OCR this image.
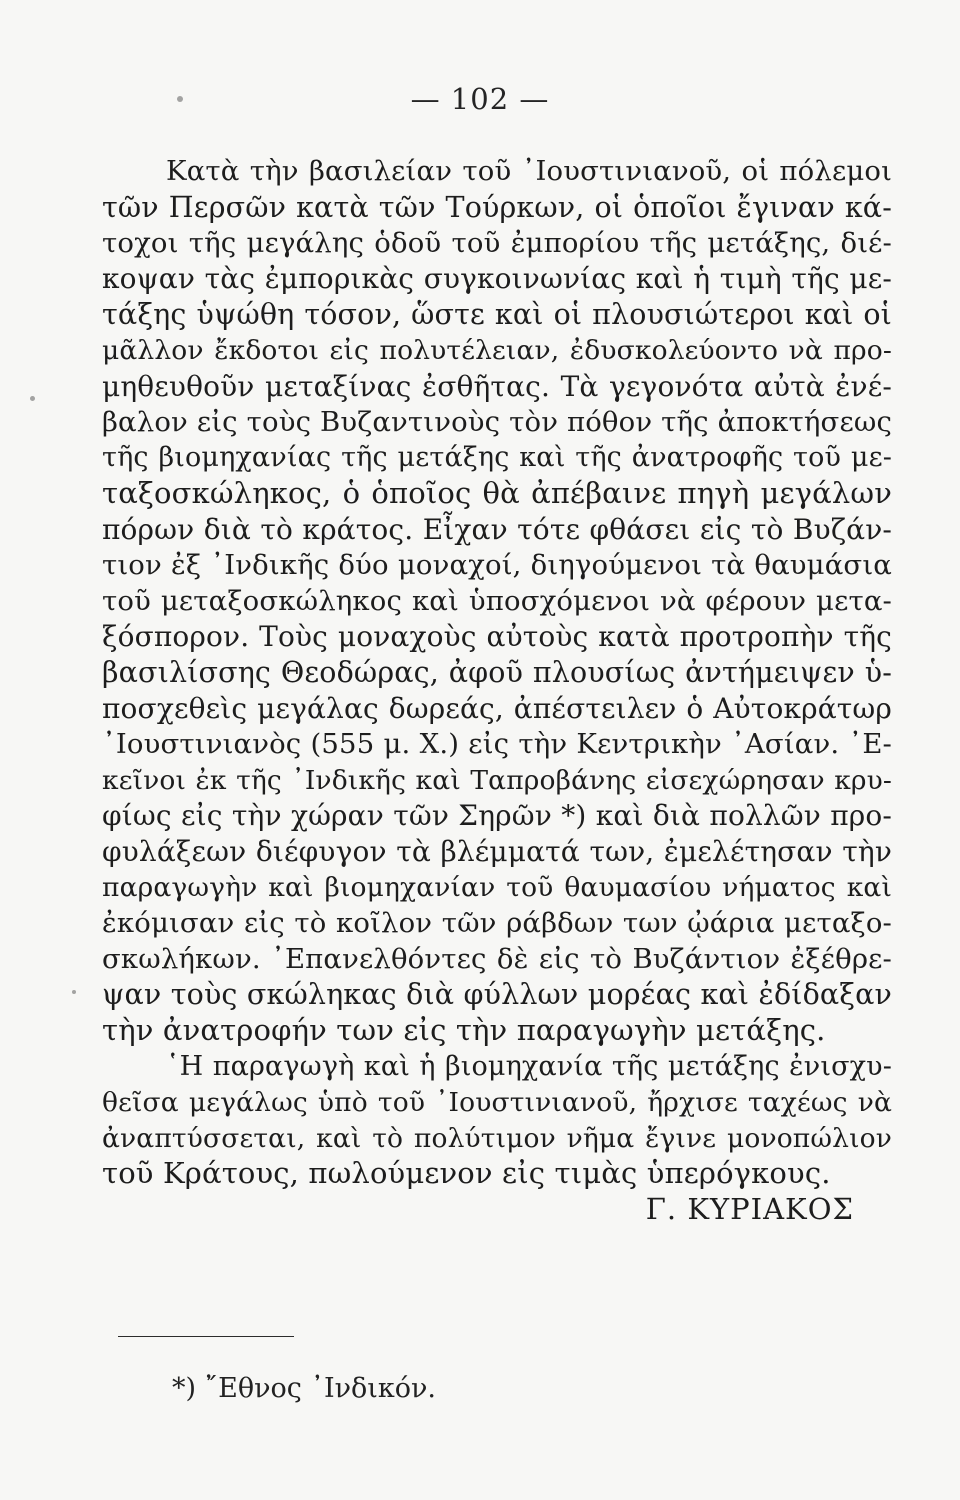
— 102 —
Κατὰ τὴν βασιλείαν τοῦ ᾿Ιουστινιανοῦ, οἱ πόλεμοι
τῶν Περσῶν κατὰ τῶν Τούρκων, οἱ ὁποῖοι ἔγιναν κά-
τοχοι τῆς μεγάλης ὁδοῦ τοῦ ἐμπορίου τῆς μετάξης, διέ-
κοψαν τὰς ἐμπορικὰς συγκοινωνίας καὶ ἡ τιμὴ τῆς με-
τάξης ὑψώθη τόσον, ὥστε καὶ οἱ πλουσιώτεροι καὶ οἱ
μᾶλλον ἔκδοτοι εἰς πολυτέλειαν, ἐδυσκολεύοντο νὰ προ-
μηθευθοῦν μεταξίνας ἐσθῆτας. Τὰ γεγονότα αὐτὰ ἐνέ-
βαλον εἰς τοὺς Βυζαντινοὺς τὸν πόθον τῆς ἀποκτήσεως
τῆς βιομηχανίας τῆς μετάξης καὶ τῆς ἀνατροφῆς τοῦ με-
ταξοσκώληκος, ὁ ὁποῖος θὰ ἀπέβαινε πηγὴ μεγάλων
πόρων διὰ τὸ κράτος. Εἶχαν τότε φθάσει εἰς τὸ Βυζάν-
τιον ἐξ ᾿Ινδικῆς δύο μοναχοί, διηγούμενοι τὰ θαυμάσια
τοῦ μεταξοσκώληκος καὶ ὑποσχόμενοι νὰ φέρουν μετα-
ξόσπορον. Τοὺς μοναχοὺς αὐτοὺς κατὰ προτροπὴν τῆς
βασιλίσσης Θεοδώρας, ἀφοῦ πλουσίως ἀντήμειψεν ὑ-
ποσχεθεὶς μεγάλας δωρεάς, ἀπέστειλεν ὁ Αὐτοκράτωρ
᾿Ιουστινιανὸς (555 μ. Χ.) εἰς τὴν Κεντρικὴν ᾿Ασίαν. ᾿Ε-
κεῖνοι ἐκ τῆς ᾿Ινδικῆς καὶ Ταπροβάνης εἰσεχώρησαν κρυ-
φίως εἰς τὴν χώραν τῶν Σηρῶν *) καὶ διὰ πολλῶν προ-
φυλάξεων διέφυγον τὰ βλέμματά των, ἐμελέτησαν τὴν
παραγωγὴν καὶ βιομηχανίαν τοῦ θαυμασίου νήματος καὶ
ἐκόμισαν εἰς τὸ κοῖλον τῶν ράβδων των ᾠάρια μεταξο-
σκωλήκων. ᾿Επανελθόντες δὲ εἰς τὸ Βυζάντιον ἐξέθρε-
ψαν τοὺς σκώληκας διὰ φύλλων μορέας καὶ ἐδίδαξαν
τὴν ἀνατροφήν των εἰς τὴν παραγωγὴν μετάξης.
῾Η παραγωγὴ καὶ ἡ βιομηχανία τῆς μετάξης ἐνισχυ-
θεῖσα μεγάλως ὑπὸ τοῦ ᾿Ιουστινιανοῦ, ἤρχισε ταχέως νὰ
ἀναπτύσσεται, καὶ τὸ πολύτιμον νῆμα ἔγινε μονοπώλιον
τοῦ Κράτους, πωλούμενον εἰς τιμὰς ὑπερόγκους.
Γ. ΚΥΡΙΑΚΟΣ
*) ῎Εθνος ᾿Ινδικόν.
